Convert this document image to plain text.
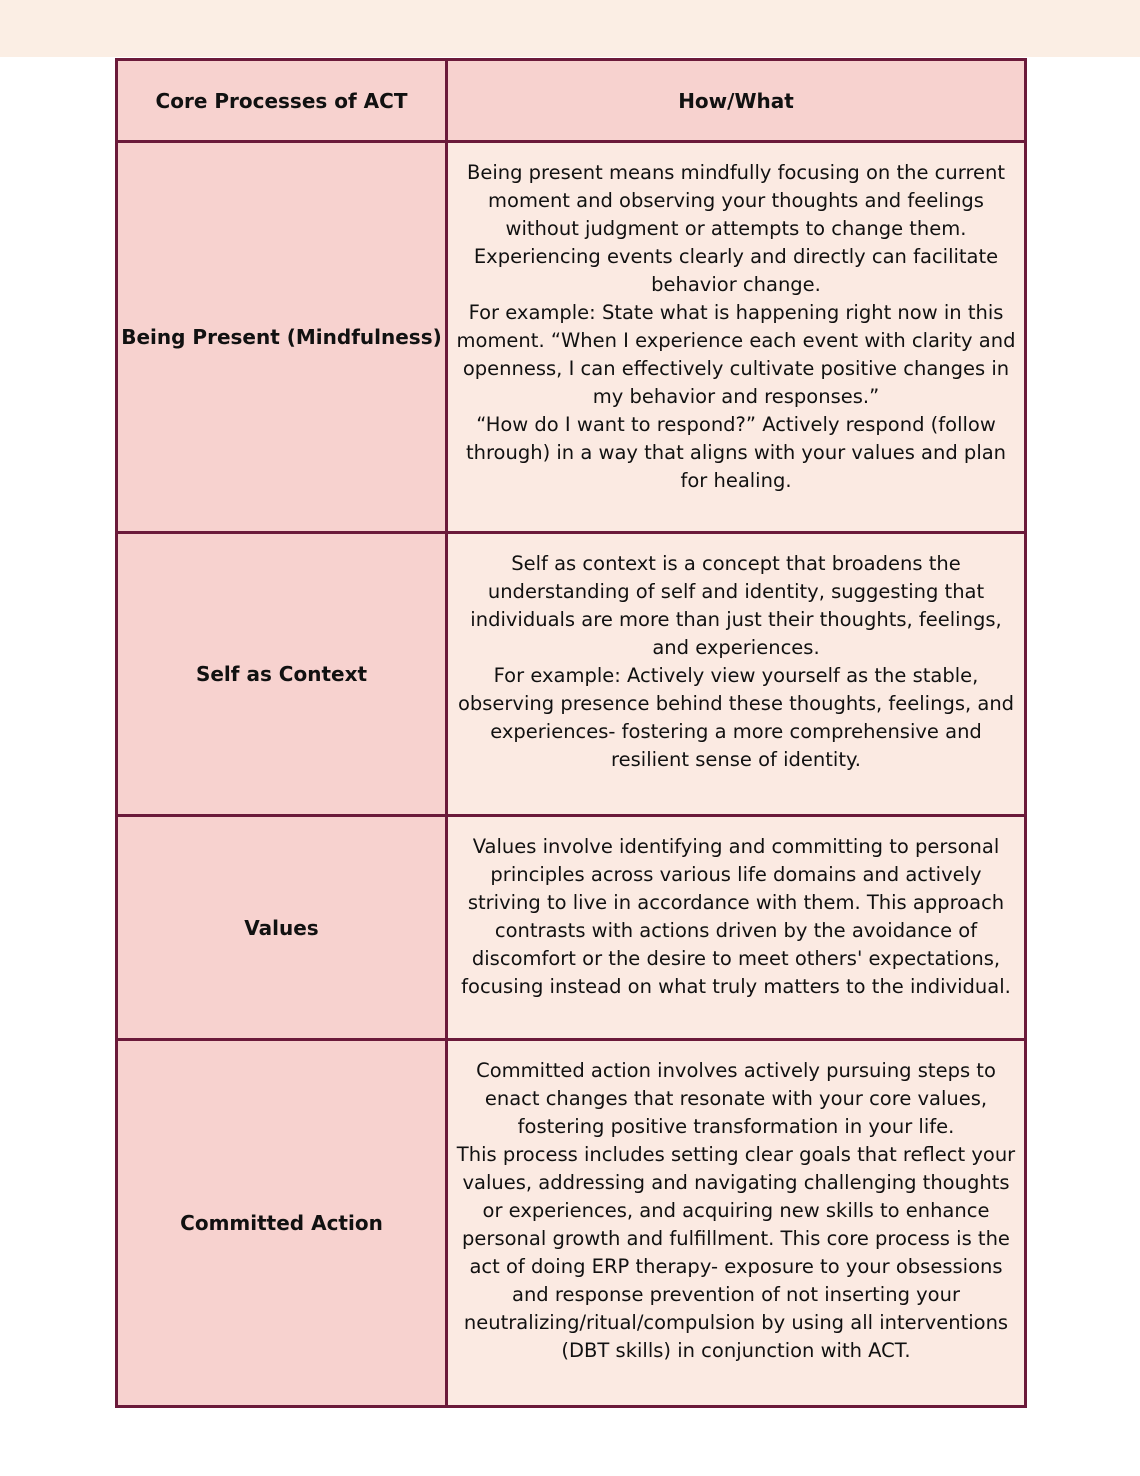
Core Processes of ACT	How/What
Being Present (Mindfulness)	Being present means mindfully focusing on the current moment and observing your thoughts and feelings without judgment or attempts to change them.

Experiencing events clearly and directly can facilitate behavior change.

For example: State what is happening right now in this moment. “When I experience each event with clarity and openness, I can effectively cultivate positive changes in my behavior and responses.”

“How do I want to respond?” Actively respond (follow through) in a way that aligns with your values and plan for healing.

Self as Context	Self as context is a concept that broadens the understanding of self and identity, suggesting that individuals are more than just their thoughts, feelings, and experiences.

For example: Actively view yourself as the stable, observing presence behind these thoughts, feelings, and experiences- fostering a more comprehensive and resilient sense of identity.

Values	Values involve identifying and committing to personal principles across various life domains and actively striving to live in accordance with them. This approach contrasts with actions driven by the avoidance of discomfort or the desire to meet others' expectations, focusing instead on what truly matters to the individual.

Committed Action	Committed action involves actively pursuing steps to enact changes that resonate with your core values, fostering positive transformation in your life.

This process includes setting clear goals that reflect your values, addressing and navigating challenging thoughts or experiences, and acquiring new skills to enhance personal growth and fulfillment. This core process is the act of doing ERP therapy- exposure to your obsessions and response prevention of not inserting your neutralizing/ritual/compulsion by using all interventions (DBT skills) in conjunction with ACT.
